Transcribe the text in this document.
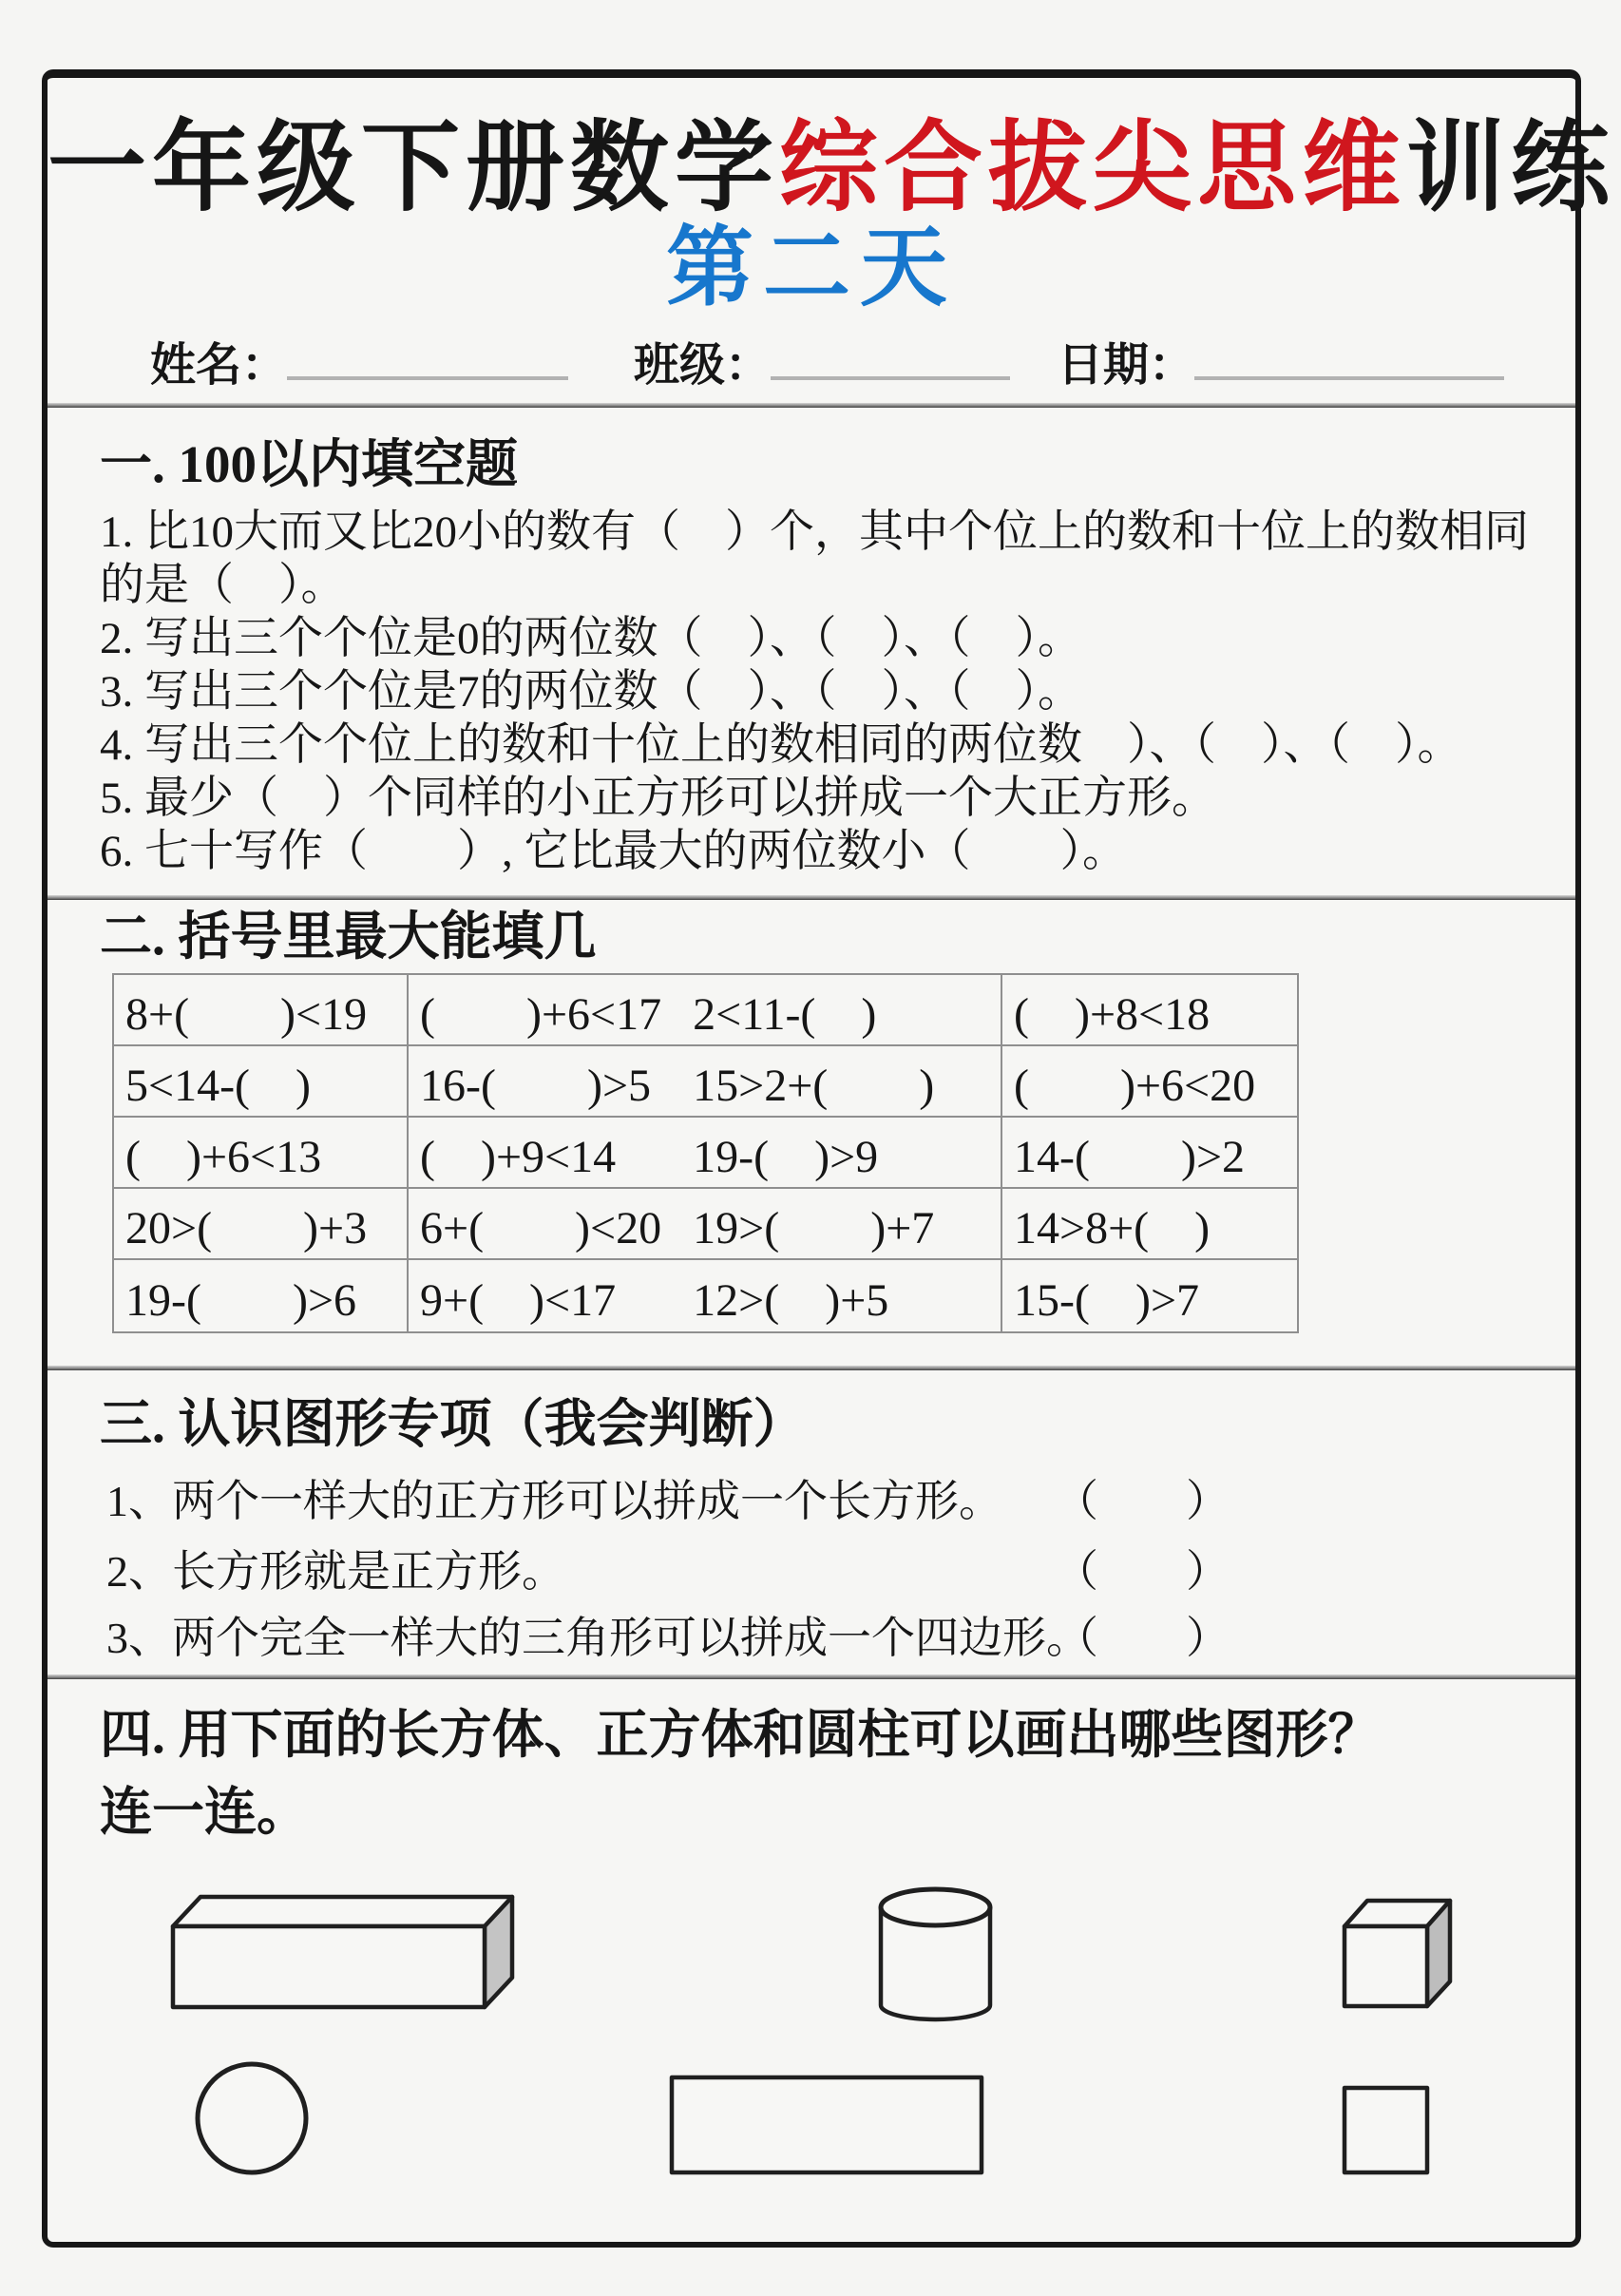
一年级下册数学综合拔尖思维训练
第二天
姓名：	班级：	日期：
一. 100以内填空题
1. 比10大而又比20小的数有（　）个，其中个位上的数和十位上的数相同
的是（　）。
2. 写出三个个位是0的两位数（　）、（　）、（　）。
3. 写出三个个位是7的两位数（　）、（　）、（　）。
4. 写出三个个位上的数和十位上的数相同的两位数　）、（　）、（　）。
5. 最少（　）个同样的小正方形可以拼成一个大正方形。
6. 七十写作（　　）, 它比最大的两位数小（　　）。
二. 括号里最大能填几
8+(　　)<19	(　　)+6<17 2<11-(　)	(　)+8<18
5<14-(　)	16-(　　)>5 15>2+(　　) (　　)+6<20
(　)+6<13	(　)+9<14	19-(　)>9	14-(　　)>2
20>(　　)+3	6+(　　)<20 19>(　　)+7 14>8+(　)
19-(　　)>6	9+(　)<17	12>(　)+5	15-(　)>7
三. 认识图形专项（我会判断）
1、两个一样大的正方形可以拼成一个长方形。 （　　）
2、长方形就是正方形。	（　　）
3、两个完全一样大的三角形可以拼成一个四边形。
（　　）
四. 用下面的长方体、正方体和圆柱可以画出哪些图形？
连一连。
